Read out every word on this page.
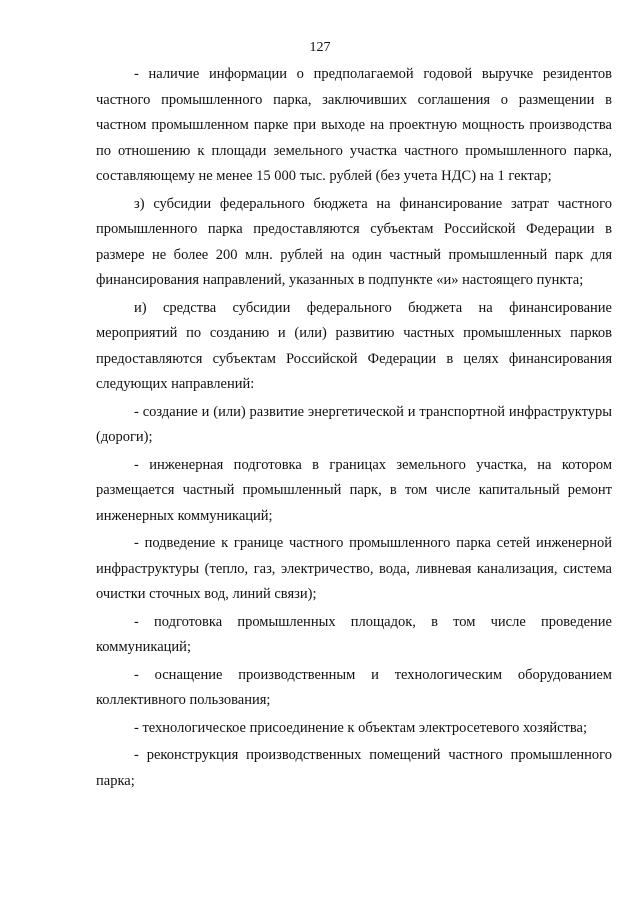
127

- наличие информации о предполагаемой годовой выручке резидентов частного промышленного парка, заключивших соглашения о размещении в частном промышленном парке при выходе на проектную мощность производства по отношению к площади земельного участка частного промышленного парка, составляющему не менее 15 000 тыс. рублей (без учета НДС) на 1 гектар;

з) субсидии федерального бюджета на финансирование затрат частного промышленного парка предоставляются субъектам Российской Федерации в размере не более 200 млн. рублей на один частный промышленный парк для финансирования направлений, указанных в подпункте «и» настоящего пункта;

и) средства субсидии федерального бюджета на финансирование мероприятий по созданию и (или) развитию частных промышленных парков предоставляются субъектам Российской Федерации в целях финансирования следующих направлений:

- создание и (или) развитие энергетической и транспортной инфраструктуры (дороги);

- инженерная подготовка в границах земельного участка, на котором размещается частный промышленный парк, в том числе капитальный ремонт инженерных коммуникаций;

- подведение к границе частного промышленного парка сетей инженерной инфраструктуры (тепло, газ, электричество, вода, ливневая канализация, система очистки сточных вод, линий связи);

- подготовка промышленных площадок, в том числе проведение коммуникаций;

- оснащение производственным и технологическим оборудованием коллективного пользования;

- технологическое присоединение к объектам электросетевого хозяйства;

- реконструкция производственных помещений частного промышленного парка;
